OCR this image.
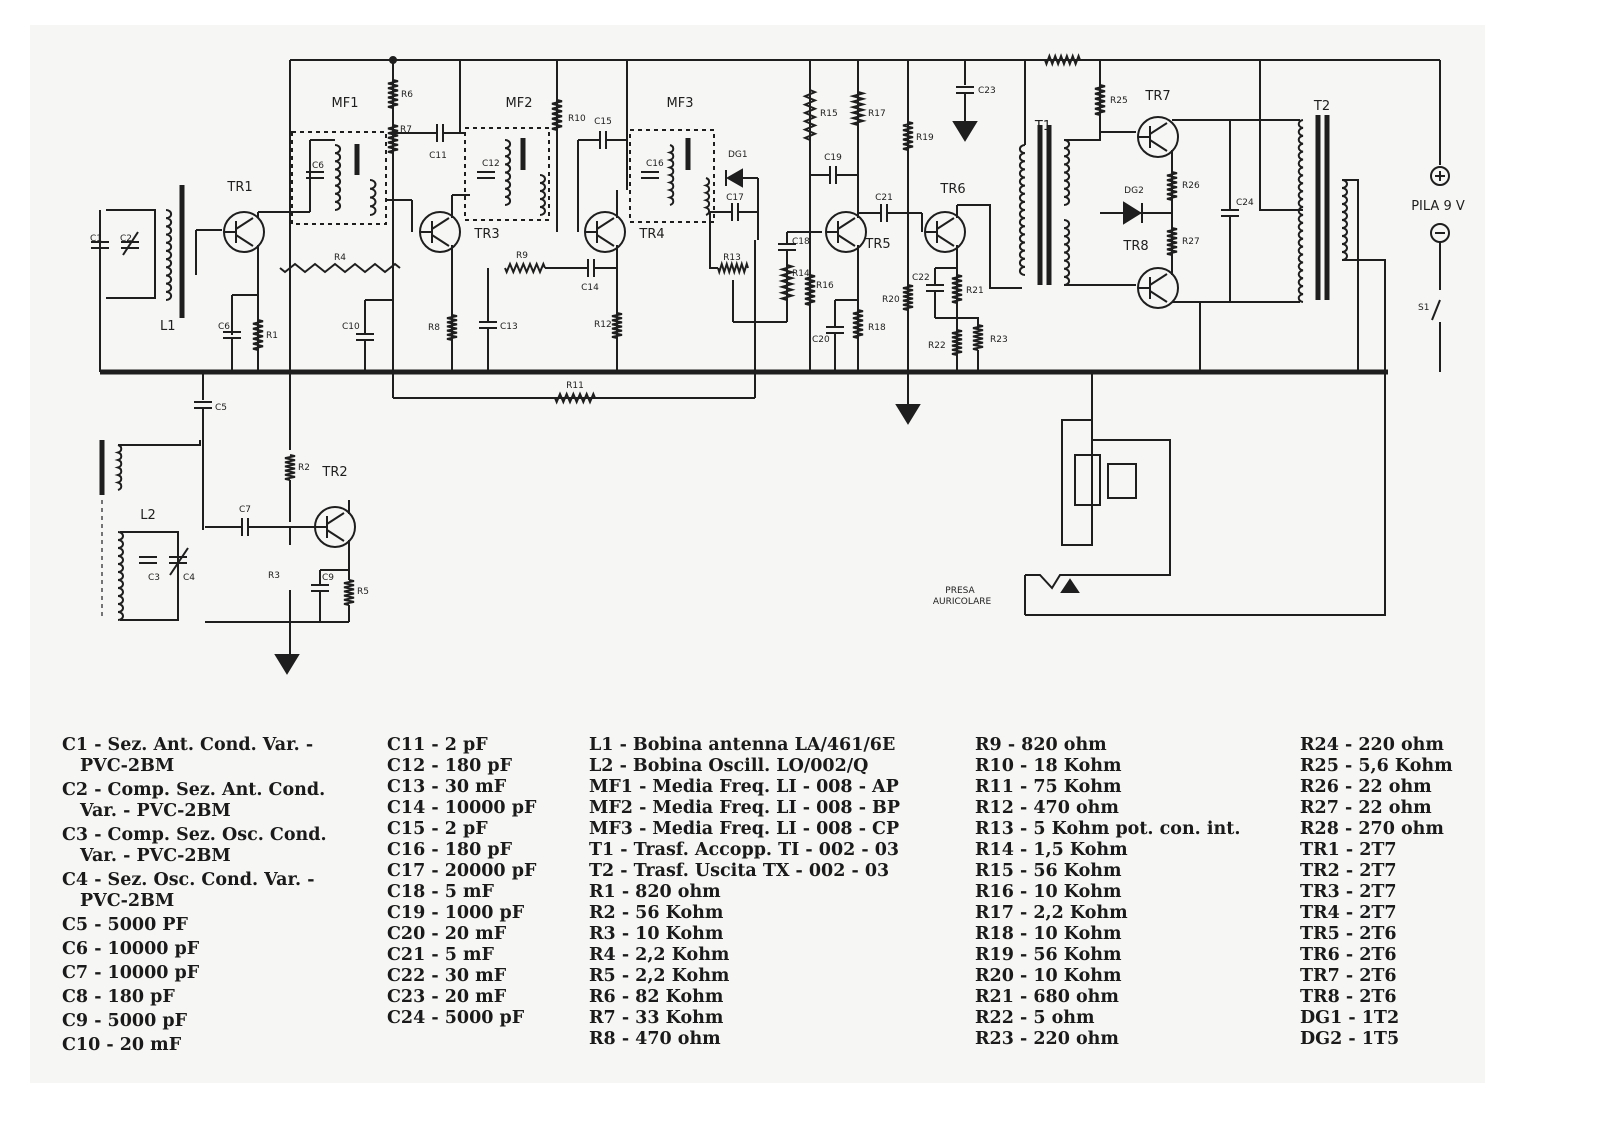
C1 C2
L1
TR1
R1
C6
MF1
C6
R4
R6
R7
C10
R11
TR3
C11
R8	C13
R9
MF2
C12
R10 C15
TR4
R12
C14
MF3
C16
DG1
C17
R13
C18
R14
R15
R16
TR5
C19
R17
R18
C20
C21
R19
R20
TR6
R21
R22
C22
R23
C23
T1
R25
DG2
TR7
TR8
R26
R27
C24
T2
PILA 9 V
S1
PRESA
AURICOLARE
C5
R2 TR2
C7
R3
R5
C9
L2
C3	C4
C1 - Sez. Ant. Cond. Var. - PVC-2BM
C2 - Comp. Sez. Ant. Cond. Var. - PVC-2BM
C3 - Comp. Sez. Osc. Cond. Var. - PVC-2BM
C4 - Sez. Osc. Cond. Var. - PVC-2BM
C5 - 5000 PF
C6 - 10000 pF
C7 - 10000 pF
C8 - 180 pF
C9 - 5000 pF
C10 - 20 mF
C11 - 2 pF
C12 - 180 pF
C13 - 30 mF
C14 - 10000 pF
C15 - 2 pF
C16 - 180 pF
C17 - 20000 pF
C18 - 5 mF
C19 - 1000 pF
C20 - 20 mF
C21 - 5 mF
C22 - 30 mF
C23 - 20 mF
C24 - 5000 pF
L1 - Bobina antenna LA/461/6E
L2 - Bobina Oscill. LO/002/Q
MF1 - Media Freq. LI - 008 - AP
MF2 - Media Freq. LI - 008 - BP
MF3 - Media Freq. LI - 008 - CP
T1 - Trasf. Accopp. TI - 002 - 03
T2 - Trasf. Uscita TX - 002 - 03
R1 - 820 ohm
R2 - 56 Kohm
R3 - 10 Kohm
R4 - 2,2 Kohm
R5 - 2,2 Kohm
R6 - 82 Kohm
R7 - 33 Kohm
R8 - 470 ohm
R9 - 820 ohm
R10 - 18 Kohm
R11 - 75 Kohm
R12 - 470 ohm
R13 - 5 Kohm pot. con. int.
R14 - 1,5 Kohm
R15 - 56 Kohm
R16 - 10 Kohm
R17 - 2,2 Kohm
R18 - 10 Kohm
R19 - 56 Kohm
R20 - 10 Kohm
R21 - 680 ohm
R22 - 5 ohm
R23 - 220 ohm
R24 - 220 ohm
R25 - 5,6 Kohm
R26 - 22 ohm
R27 - 22 ohm
R28 - 270 ohm
TR1 - 2T7
TR2 - 2T7
TR3 - 2T7
TR4 - 2T7
TR5 - 2T6
TR6 - 2T6
TR7 - 2T6
TR8 - 2T6
DG1 - 1T2
DG2 - 1T5
